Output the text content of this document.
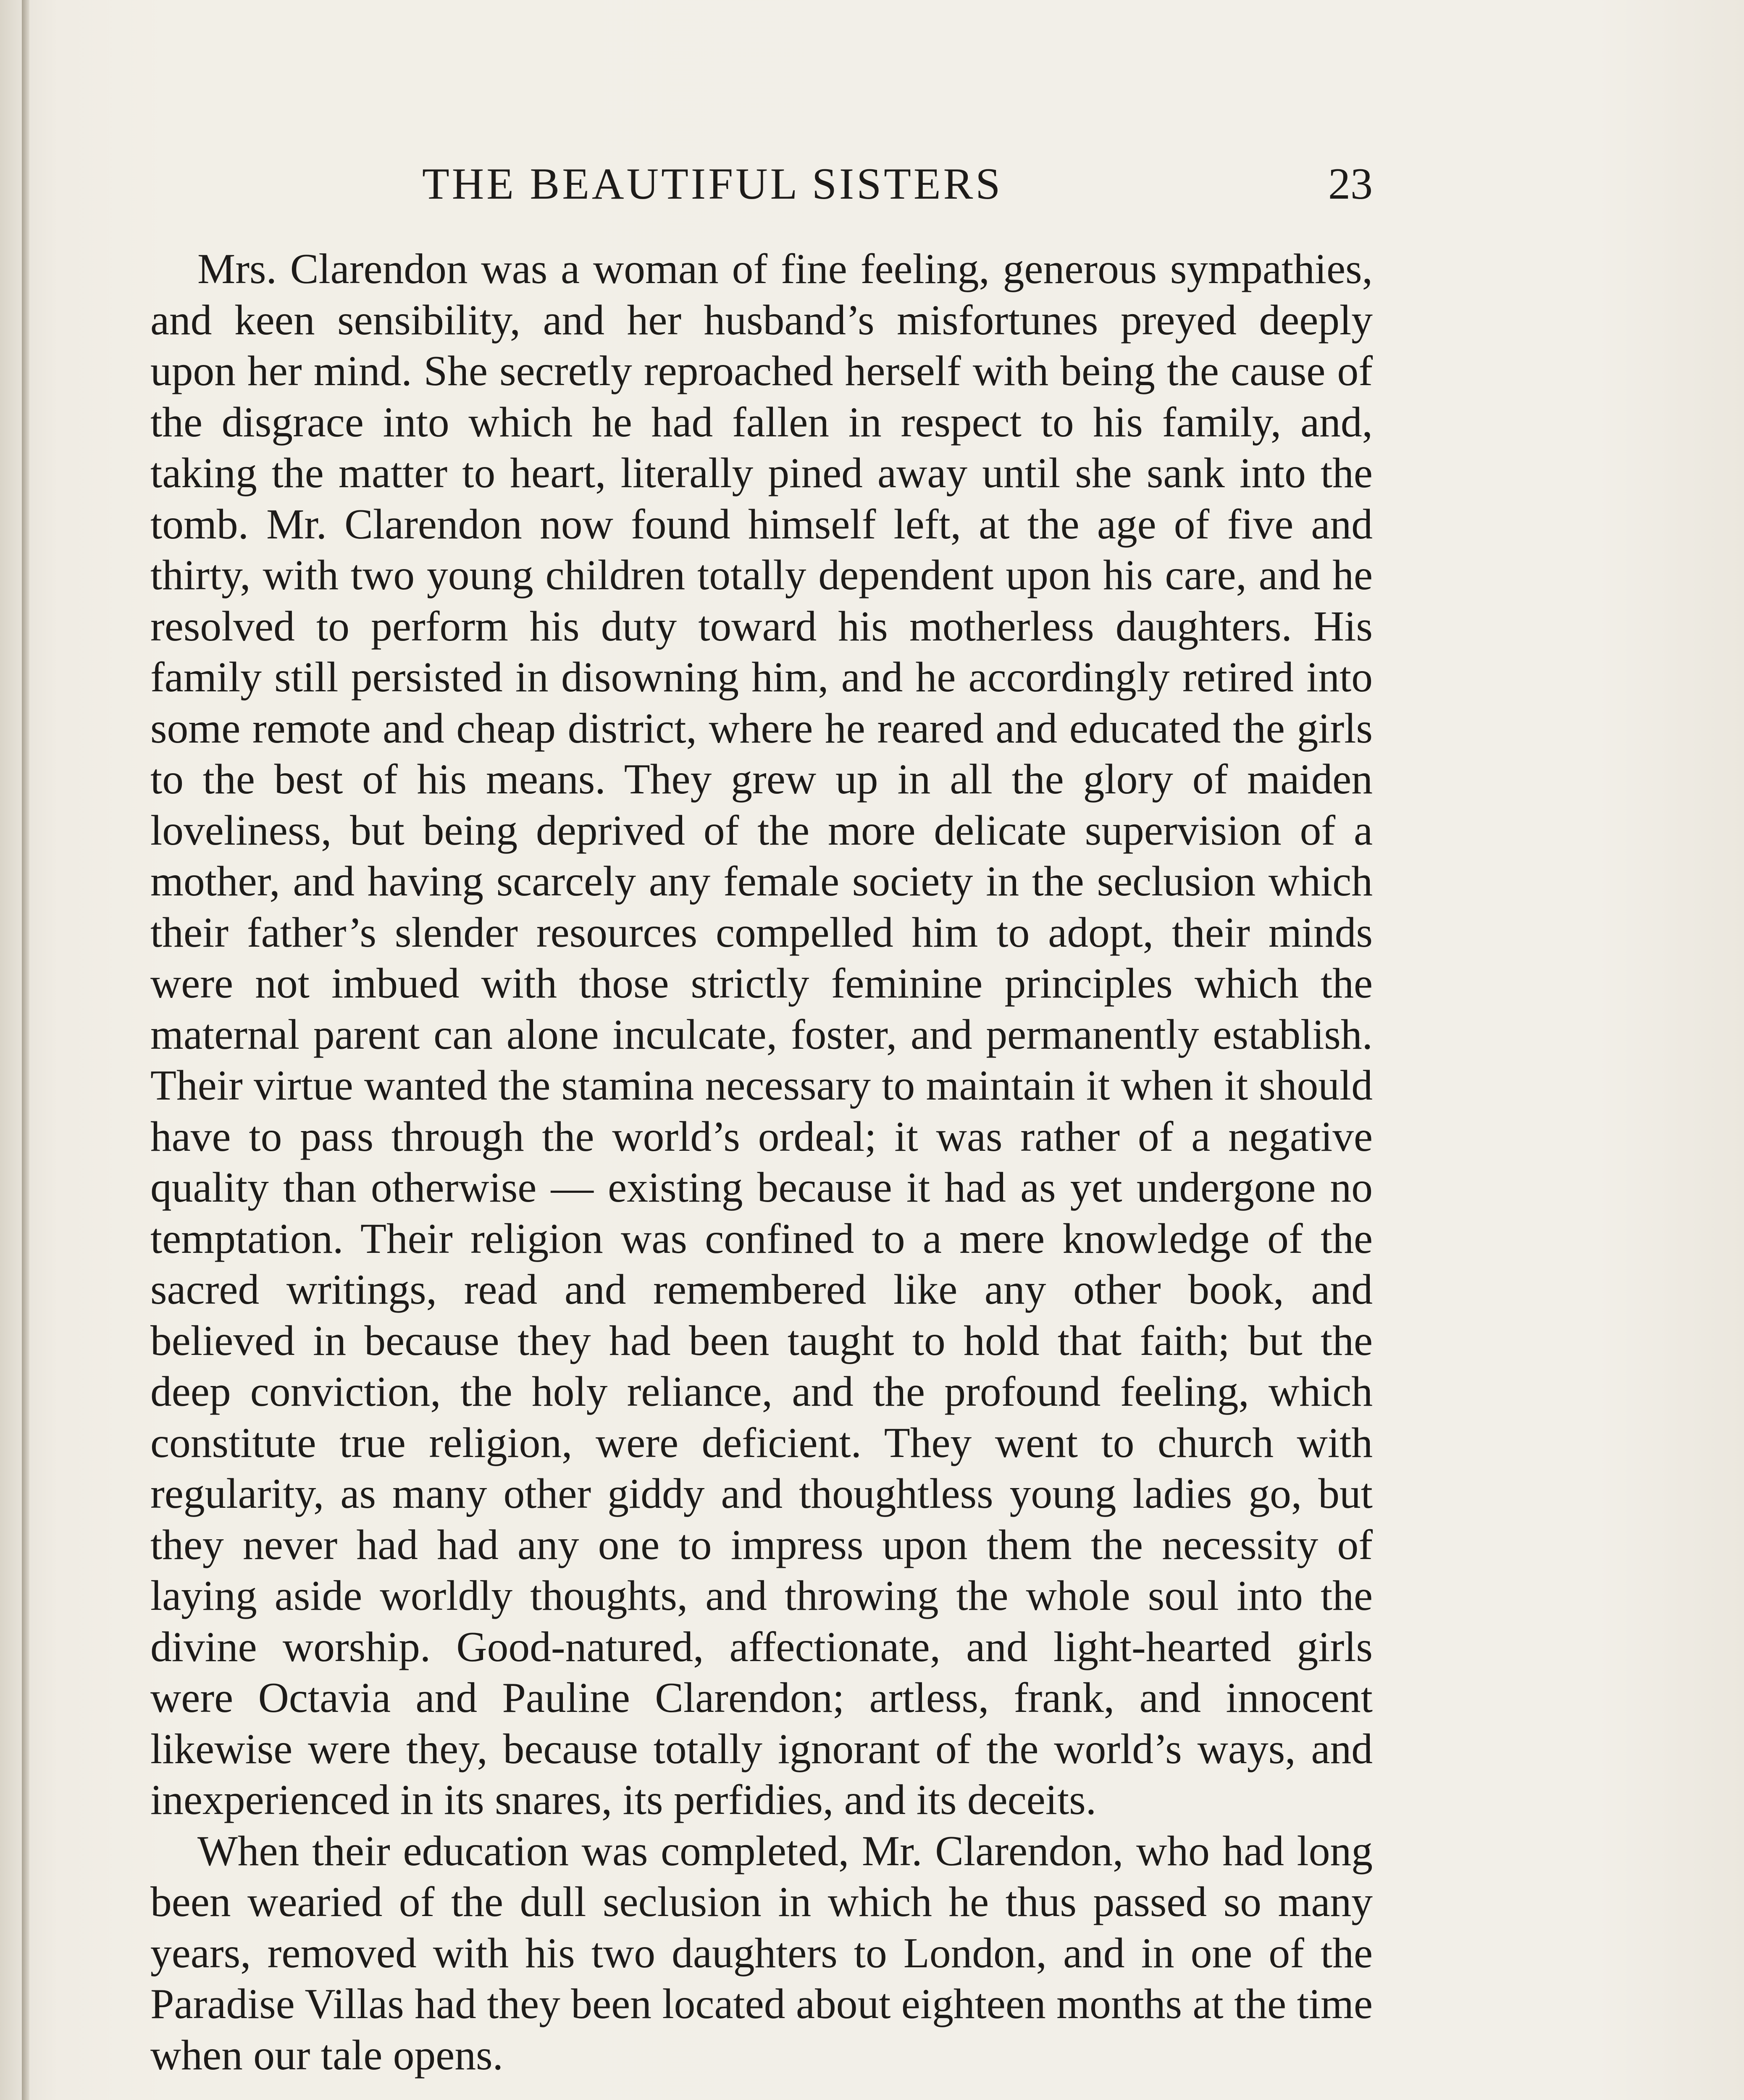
THE BEAUTIFUL SISTERS	23

Mrs. Clarendon was a woman of fine feeling, generous sympathies, and keen sensibility, and her husband’s misfortunes preyed deeply upon her mind. She secretly reproached herself with being the cause of the disgrace into which he had fallen in respect to his family, and, taking the matter to heart, literally pined away until she sank into the tomb. Mr. Clarendon now found himself left, at the age of five and thirty, with two young children totally dependent upon his care, and he resolved to perform his duty toward his motherless daughters. His family still persisted in disowning him, and he accordingly retired into some remote and cheap district, where he reared and educated the girls to the best of his means. They grew up in all the glory of maiden loveliness, but being deprived of the more delicate supervision of a mother, and having scarcely any female society in the seclusion which their father’s slender resources compelled him to adopt, their minds were not imbued with those strictly feminine principles which the maternal parent can alone inculcate, foster, and permanently establish. Their virtue wanted the stamina necessary to maintain it when it should have to pass through the world’s ordeal; it was rather of a negative quality than otherwise — existing because it had as yet undergone no temptation. Their religion was confined to a mere knowledge of the sacred writings, read and remembered like any other book, and believed in because they had been taught to hold that faith; but the deep conviction, the holy reliance, and the profound feeling, which constitute true religion, were deficient. They went to church with regularity, as many other giddy and thoughtless young ladies go, but they never had had any one to impress upon them the necessity of laying aside worldly thoughts, and throwing the whole soul into the divine worship. Good-natured, affectionate, and light-hearted girls were Octavia and Pauline Clarendon; artless, frank, and innocent likewise were they, because totally ignorant of the world’s ways, and inexperienced in its snares, its perfidies, and its deceits.

When their education was completed, Mr. Clarendon, who had long been wearied of the dull seclusion in which he thus passed so many years, removed with his two daughters to London, and in one of the Paradise Villas had they been located about eighteen months at the time when our tale opens.
